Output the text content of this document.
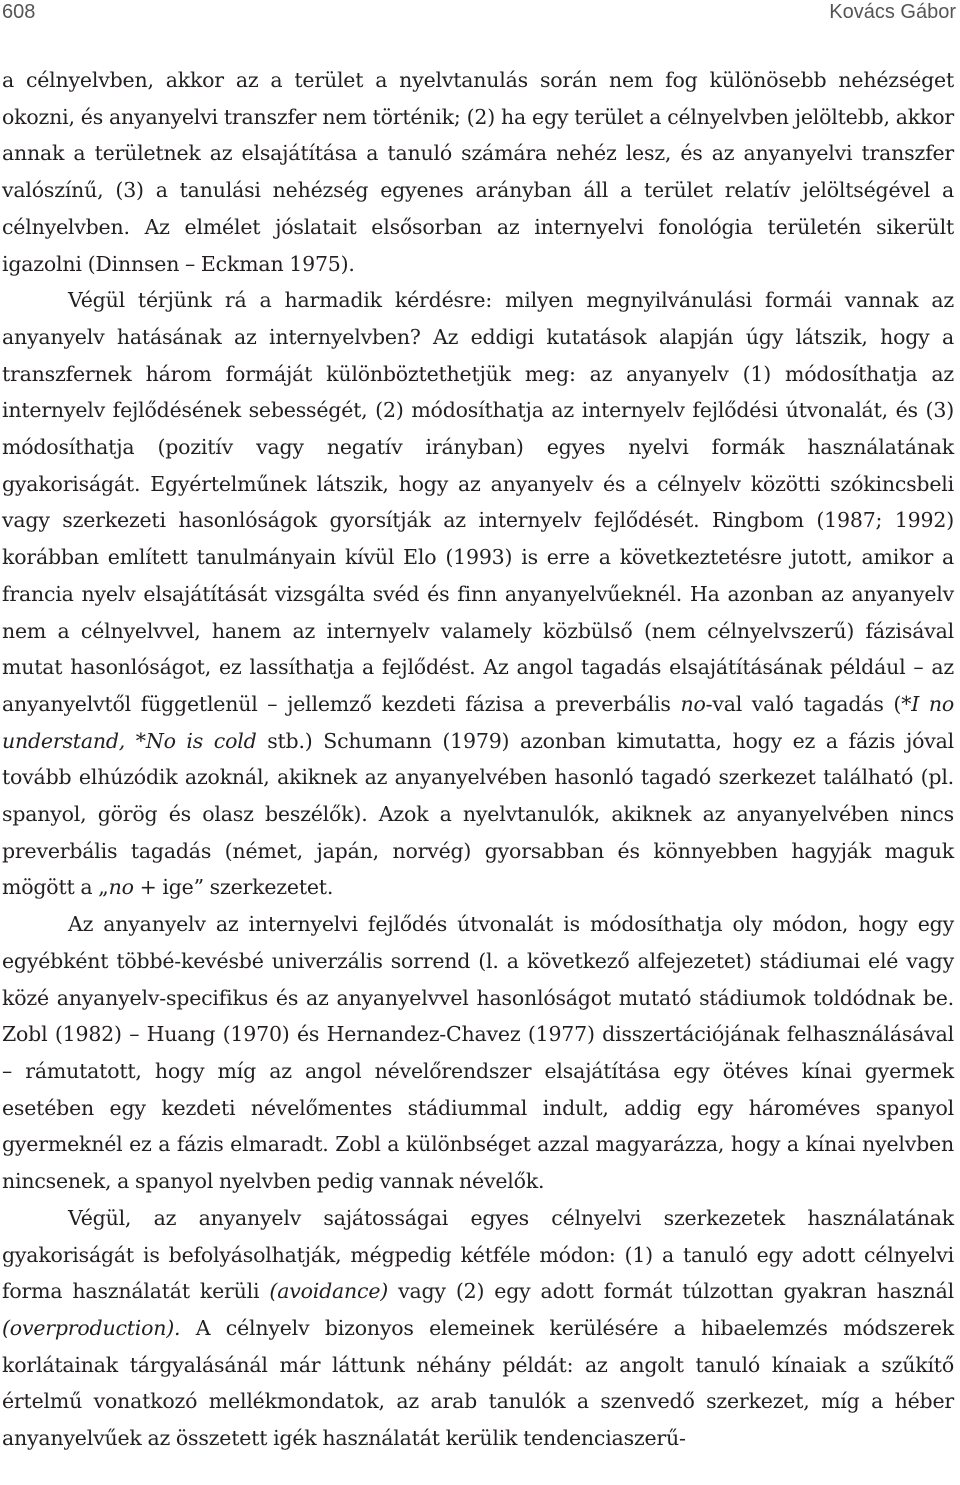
608	Kovács Gábor

a célnyelvben, akkor az a terület a nyelvtanulás során nem fog különösebb nehézséget okozni, és anyanyelvi transzfer nem történik; (2) ha egy terület a célnyelvben jelöltebb, akkor annak a területnek az elsajátítása a tanuló számára nehéz lesz, és az anyanyelvi transzfer valószínű, (3) a tanulási nehézség egyenes arányban áll a terület relatív jelöltségével a célnyelvben. Az elmélet jóslatait elsősorban az internyelvi fonológia területén sikerült igazolni (Dinnsen – Eckman 1975).

Végül térjünk rá a harmadik kérdésre: milyen megnyilvánulási formái vannak az anyanyelv hatásának az internyelvben? Az eddigi kutatások alapján úgy látszik, hogy a transzfernek három formáját különböztethetjük meg: az anyanyelv (1) módosíthatja az internyelv fejlődésének sebességét, (2) módosíthatja az internyelv fejlődési útvonalát, és (3) módosíthatja (pozitív vagy negatív irányban) egyes nyelvi formák használatának gyakoriságát. Egyértelműnek látszik, hogy az anyanyelv és a célnyelv közötti szókincsbeli vagy szerkezeti hasonlóságok gyorsítják az internyelv fejlődését. Ringbom (1987; 1992) korábban említett tanulmányain kívül Elo (1993) is erre a következtetésre jutott, amikor a francia nyelv elsajátítását vizsgálta svéd és finn anyanyelvűeknél. Ha azonban az anyanyelv nem a célnyelvvel, hanem az internyelv valamely közbülső (nem célnyelvszerű) fázisával mutat hasonlóságot, ez lassíthatja a fejlődést. Az angol tagadás elsajátításának például – az anyanyelvtől függetlenül – jellemző kezdeti fázisa a preverbális no-val való tagadás (*I no understand, *No is cold stb.) Schumann (1979) azonban kimutatta, hogy ez a fázis jóval tovább elhúzódik azoknál, akiknek az anyanyelvében hasonló tagadó szerkezet található (pl. spanyol, görög és olasz beszélők). Azok a nyelvtanulók, akiknek az anyanyelvében nincs preverbális tagadás (német, japán, norvég) gyorsabban és könnyebben hagyják maguk mögött a „no + ige” szerkezetet.

Az anyanyelv az internyelvi fejlődés útvonalát is módosíthatja oly módon, hogy egy egyébként többé-kevésbé univerzális sorrend (l. a következő alfejezetet) stádiumai elé vagy közé anyanyelv-specifikus és az anyanyelvvel hasonlóságot mutató stádiumok toldódnak be. Zobl (1982) – Huang (1970) és Hernandez-Chavez (1977) disszertációjának felhasználásával – rámutatott, hogy míg az angol névelőrendszer elsajátítása egy ötéves kínai gyermek esetében egy kezdeti névelőmentes stádiummal indult, addig egy hároméves spanyol gyermeknél ez a fázis elmaradt. Zobl a különbséget azzal magyarázza, hogy a kínai nyelvben nincsenek, a spanyol nyelvben pedig vannak névelők.

Végül, az anyanyelv sajátosságai egyes célnyelvi szerkezetek használatának gyakoriságát is befolyásolhatják, mégpedig kétféle módon: (1) a tanuló egy adott célnyelvi forma használatát kerüli (avoidance) vagy (2) egy adott formát túlzottan gyakran használ (overproduction). A célnyelv bizonyos elemeinek kerülésére a hibaelemzés módszerek korlátainak tárgyalásánál már láttunk néhány példát: az angolt tanuló kínaiak a szűkítő értelmű vonatkozó mellékmondatok, az arab tanulók a szenvedő szerkezet, míg a héber anyanyelvűek az összetett igék használatát kerülik tendenciaszerű-
